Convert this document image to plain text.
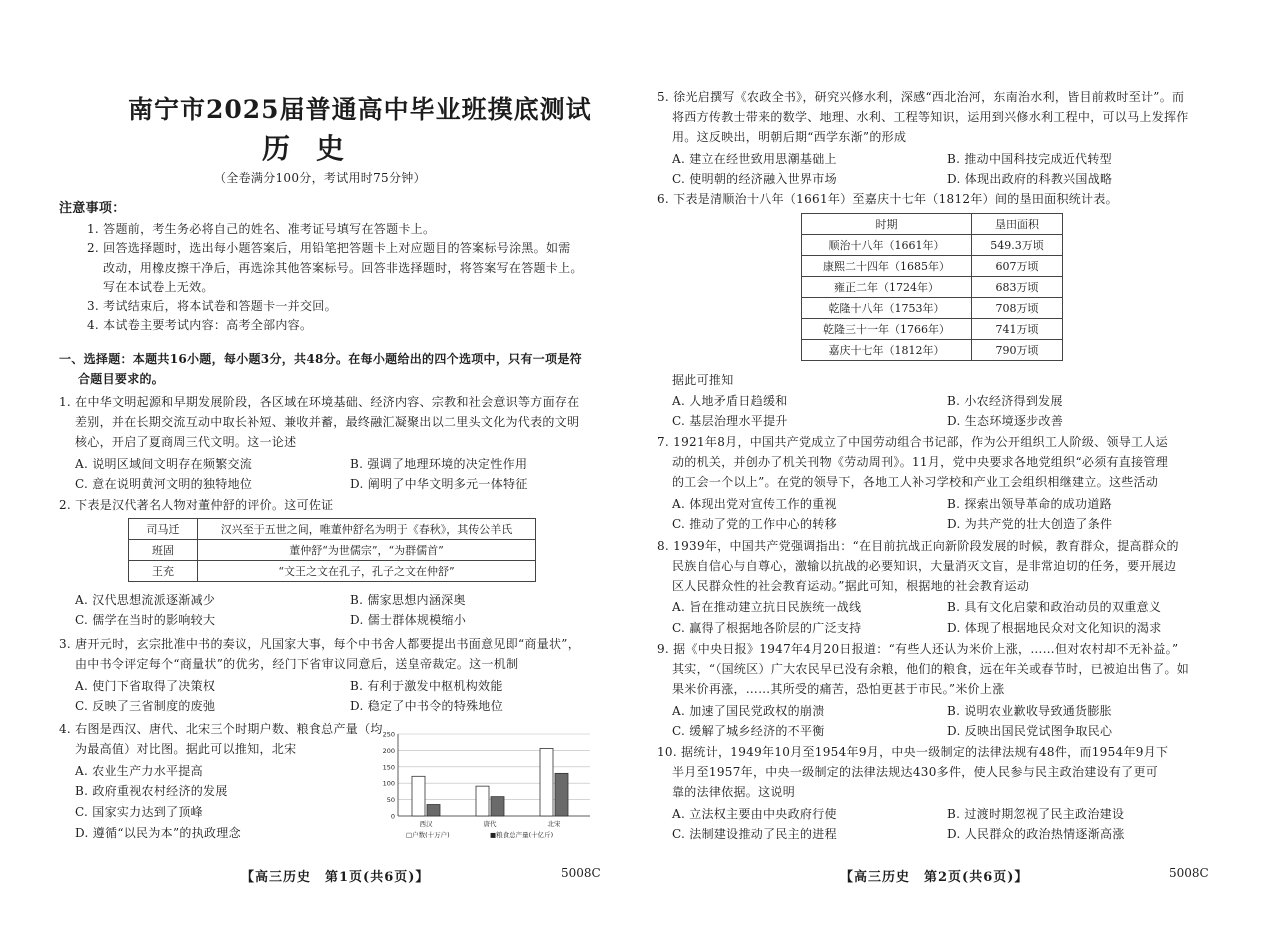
南宁市2025届普通高中毕业班摸底测试
历史
（全卷满分100分，考试用时75分钟）
注意事项：
1. 答题前，考生务必将自己的姓名、准考证号填写在答题卡上。
2. 回答选择题时，选出每小题答案后，用铅笔把答题卡上对应题目的答案标号涂黑。如需
改动，用橡皮擦干净后，再选涂其他答案标号。回答非选择题时，将答案写在答题卡上。
写在本试卷上无效。
3. 考试结束后，将本试卷和答题卡一并交回。
4. 本试卷主要考试内容：高考全部内容。
一、选择题：本题共16小题，每小题3分，共48分。在每小题给出的四个选项中，只有一项是符
合题目要求的。
1. 在中华文明起源和早期发展阶段，各区域在环境基础、经济内容、宗教和社会意识等方面存在
差别，并在长期交流互动中取长补短、兼收并蓄，最终融汇凝聚出以二里头文化为代表的文明
核心，开启了夏商周三代文明。这一论述
A. 说明区域间文明存在频繁交流	B. 强调了地理环境的决定性作用
C. 意在说明黄河文明的独特地位	D. 阐明了中华文明多元一体特征
2. 下表是汉代著名人物对董仲舒的评价。这可佐证
司马迁	汉兴至于五世之间，唯董仲舒名为明于《春秋》，其传公羊氏
班固	董仲舒“为世儒宗”，“为群儒首”
王充	“文王之文在孔子，孔子之文在仲舒”
A. 汉代思想流派逐渐减少	B. 儒家思想内涵深奥
C. 儒学在当时的影响较大	D. 儒士群体规模缩小
3. 唐开元时，玄宗批准中书的奏议，凡国家大事，每个中书舍人都要提出书面意见即“商量状”，
由中书令评定每个“商量状”的优劣，经门下省审议同意后，送皇帝裁定。这一机制
A. 使门下省取得了决策权	B. 有利于激发中枢机构效能
C. 反映了三省制度的废弛	D. 稳定了中书令的特殊地位
4. 右图是西汉、唐代、北宋三个时期户数、粮食总产量（均
为最高值）对比图。据此可以推知，北宋
A. 农业生产力水平提高
B. 政府重视农村经济的发展
C. 国家实力达到了顶峰
D. 遵循“以民为本”的执政理念
0
50
100
150
200
250
西汉	唐代	北宋
□户数(十万户)	■粮食总产量(十亿斤)
【高三历史　第1页(共6页)】	5008C
5. 徐光启撰写《农政全书》，研究兴修水利，深感“西北治河，东南治水利，皆目前救时至计”。而
将西方传教士带来的数学、地理、水利、工程等知识，运用到兴修水利工程中，可以马上发挥作
用。这反映出，明朝后期“西学东渐”的形成
A. 建立在经世致用思潮基础上	B. 推动中国科技完成近代转型
C. 使明朝的经济融入世界市场	D. 体现出政府的科教兴国战略
6. 下表是清顺治十八年（1661年）至嘉庆十七年（1812年）间的垦田面积统计表。
时期	垦田面积
顺治十八年（1661年）	549.3万顷
康熙二十四年（1685年）	607万顷
雍正二年（1724年）	683万顷
乾隆十八年（1753年）	708万顷
乾隆三十一年（1766年）	741万顷
嘉庆十七年（1812年）	790万顷
据此可推知
A. 人地矛盾日趋缓和	B. 小农经济得到发展
C. 基层治理水平提升	D. 生态环境逐步改善
7. 1921年8月，中国共产党成立了中国劳动组合书记部，作为公开组织工人阶级、领导工人运
动的机关，并创办了机关刊物《劳动周刊》。11月，党中央要求各地党组织“必须有直接管理
的工会一个以上”。在党的领导下，各地工人补习学校和产业工会组织相继建立。这些活动
A. 体现出党对宣传工作的重视	B. 探索出领导革命的成功道路
C. 推动了党的工作中心的转移	D. 为共产党的壮大创造了条件
8. 1939年，中国共产党强调指出：“在目前抗战正向新阶段发展的时候，教育群众，提高群众的
民族自信心与自尊心，激输以抗战的必要知识，大量消灭文盲，是非常迫切的任务，要开展边
区人民群众性的社会教育运动。”据此可知，根据地的社会教育运动
A. 旨在推动建立抗日民族统一战线	B. 具有文化启蒙和政治动员的双重意义
C. 赢得了根据地各阶层的广泛支持	D. 体现了根据地民众对文化知识的渴求
9. 据《中央日报》1947年4月20日报道：“有些人还认为米价上涨，……但对农村却不无补益。”
其实，“（国统区）广大农民早已没有余粮，他们的粮食，远在年关或春节时，已被迫出售了。如
果米价再涨，……其所受的痛苦，恐怕更甚于市民。”米价上涨
A. 加速了国民党政权的崩溃	B. 说明农业歉收导致通货膨胀
C. 缓解了城乡经济的不平衡	D. 反映出国民党试图争取民心
10. 据统计，1949年10月至1954年9月，中央一级制定的法律法规有48件，而1954年9月下
半月至1957年，中央一级制定的法律法规达430多件，使人民参与民主政治建设有了更可
靠的法律依据。这说明
A. 立法权主要由中央政府行使	B. 过渡时期忽视了民主政治建设
C. 法制建设推动了民主的进程	D. 人民群众的政治热情逐渐高涨
【高三历史　第2页(共6页)】	5008C
